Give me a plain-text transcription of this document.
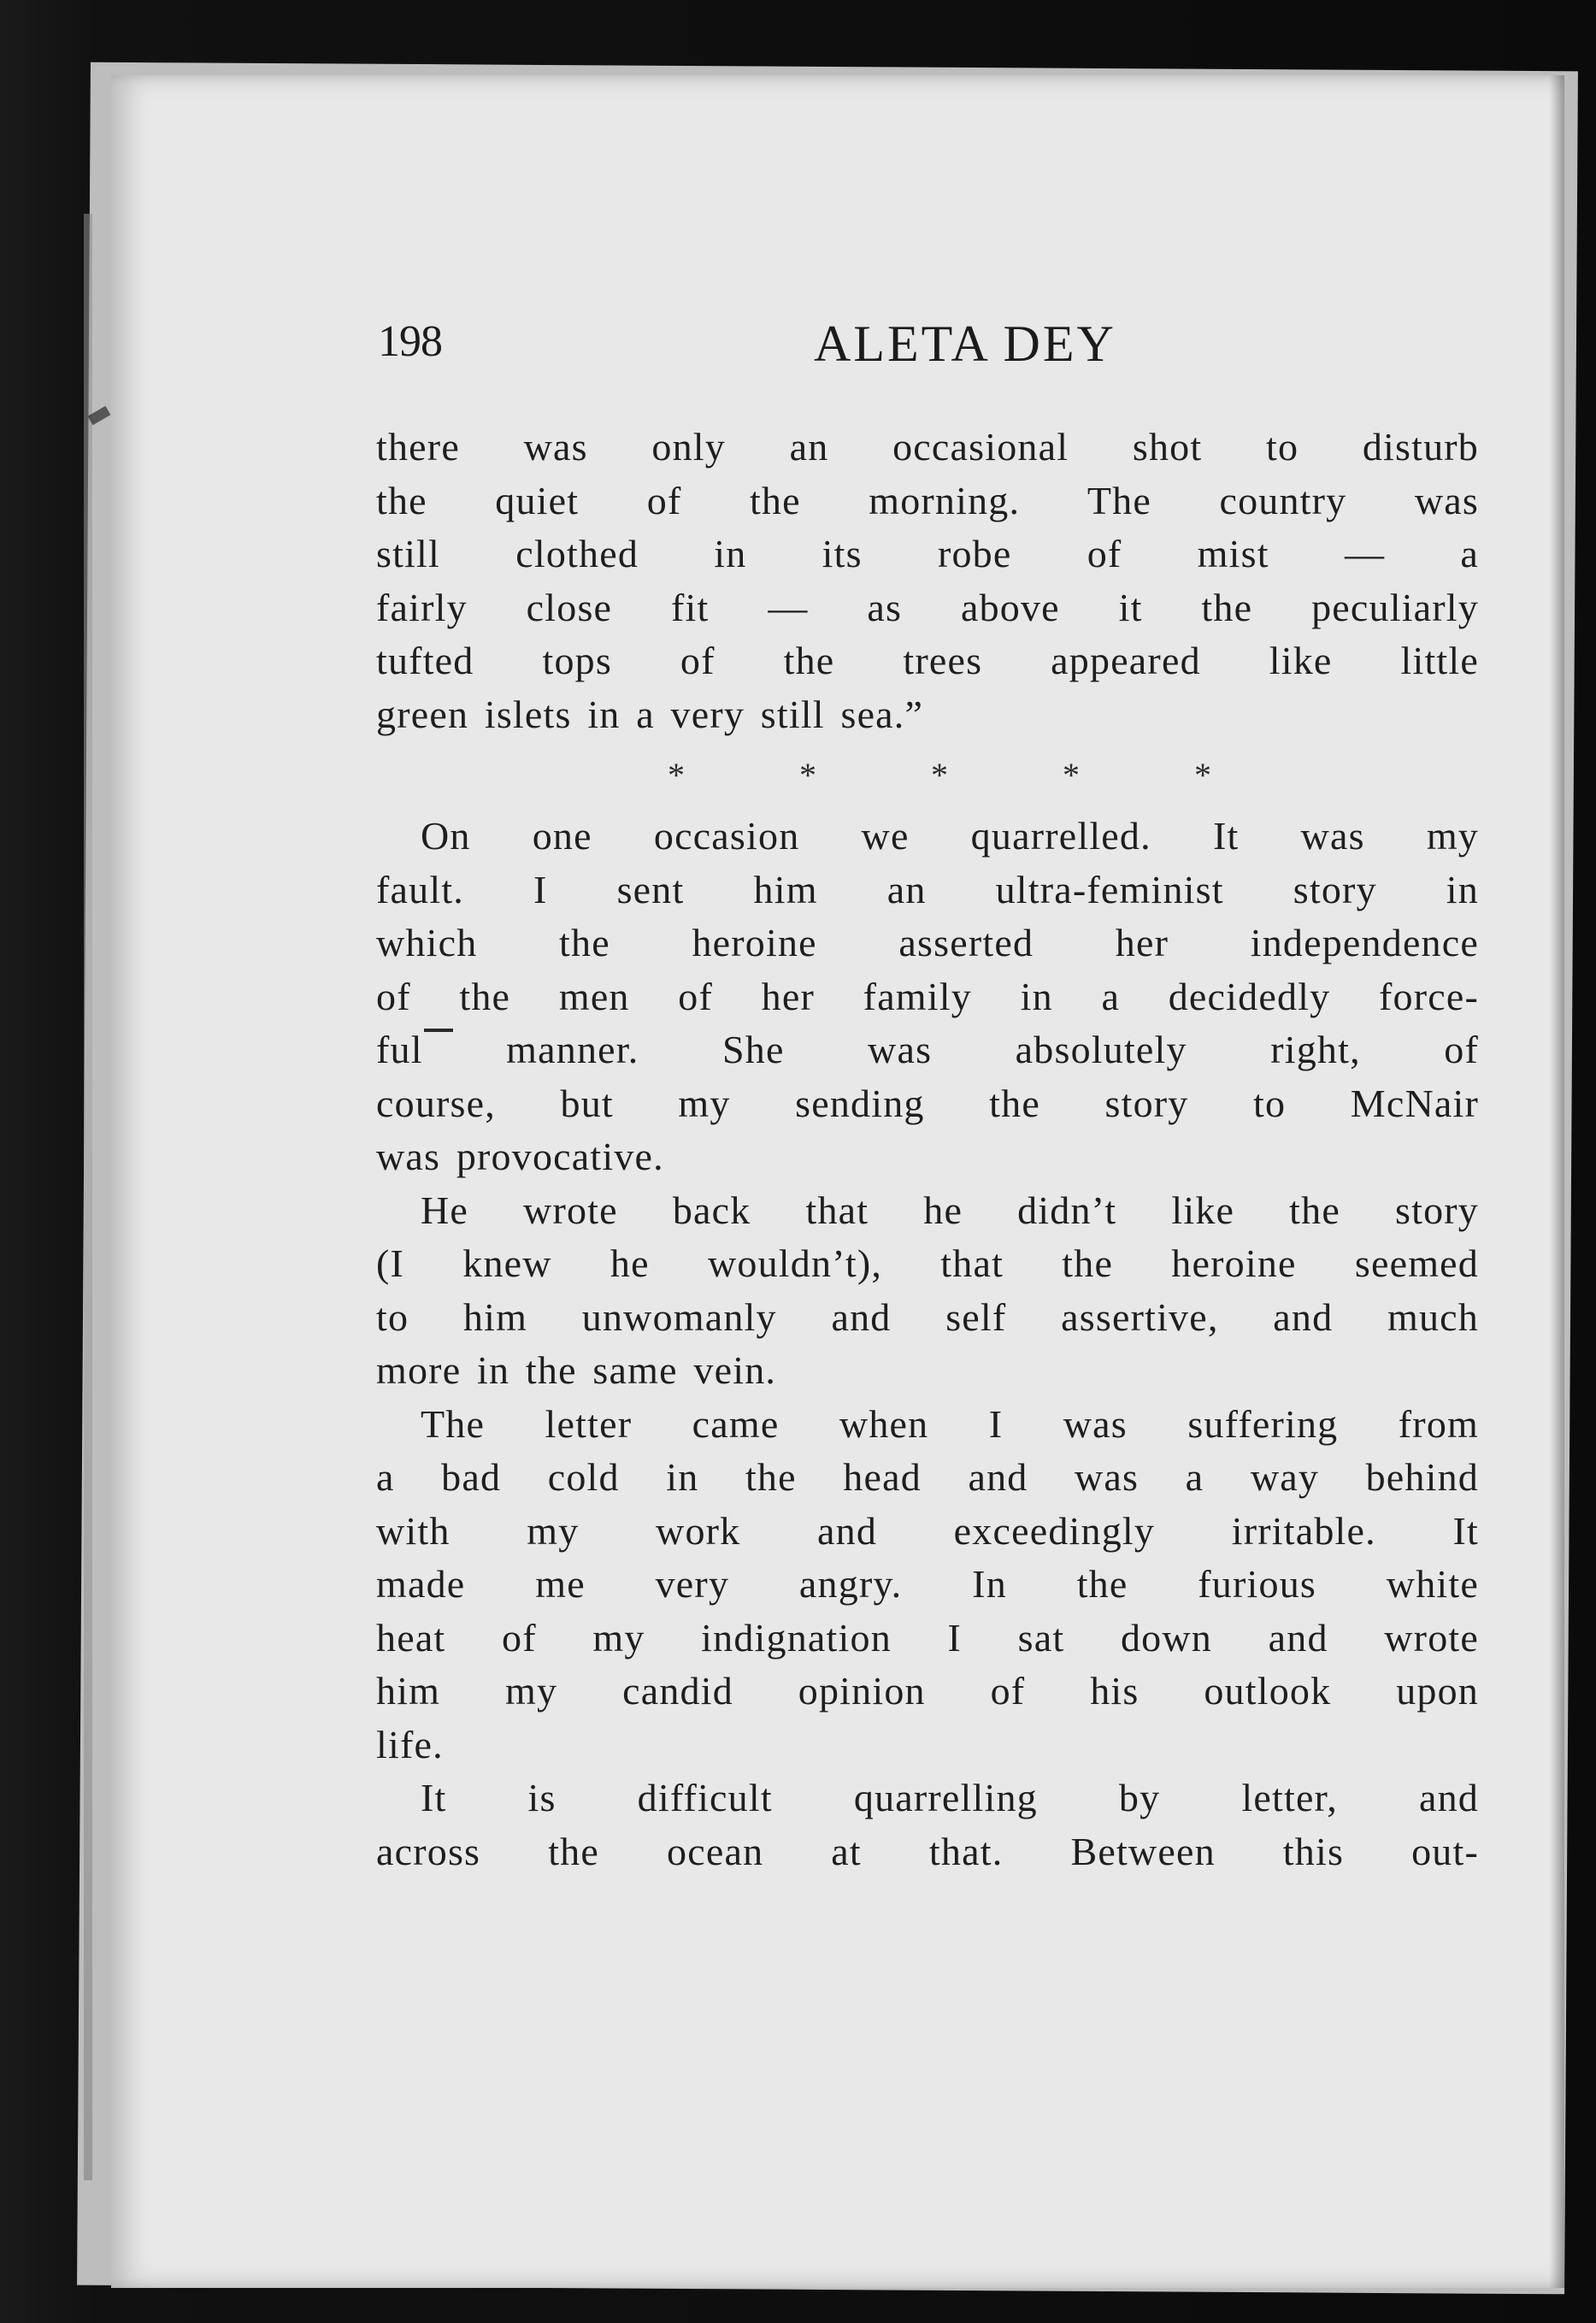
198	ALETA DEY
there was only an occasional shot to disturb
the quiet of the morning. The country was
still clothed in its robe of mist — a
fairly close fit — as above it the peculiarly
tufted tops of the trees appeared like little
green islets in a very still sea.”
* * * * *
On one occasion we quarrelled. It was my
fault. I sent him an ultra-feminist story in
which the heroine asserted her independence
of the men of her family in a decidedly force-
ful manner. She was absolutely right, of
course, but my sending the story to McNair
was provocative.
He wrote back that he didn’t like the story
(I knew he wouldn’t), that the heroine seemed
to him unwomanly and self assertive, and much
more in the same vein.
The letter came when I was suffering from
a bad cold in the head and was a way behind
with my work and exceedingly irritable. It
made me very angry. In the furious white
heat of my indignation I sat down and wrote
him my candid opinion of his outlook upon
life.
It is difficult quarrelling by letter, and
across the ocean at that. Between this out-
